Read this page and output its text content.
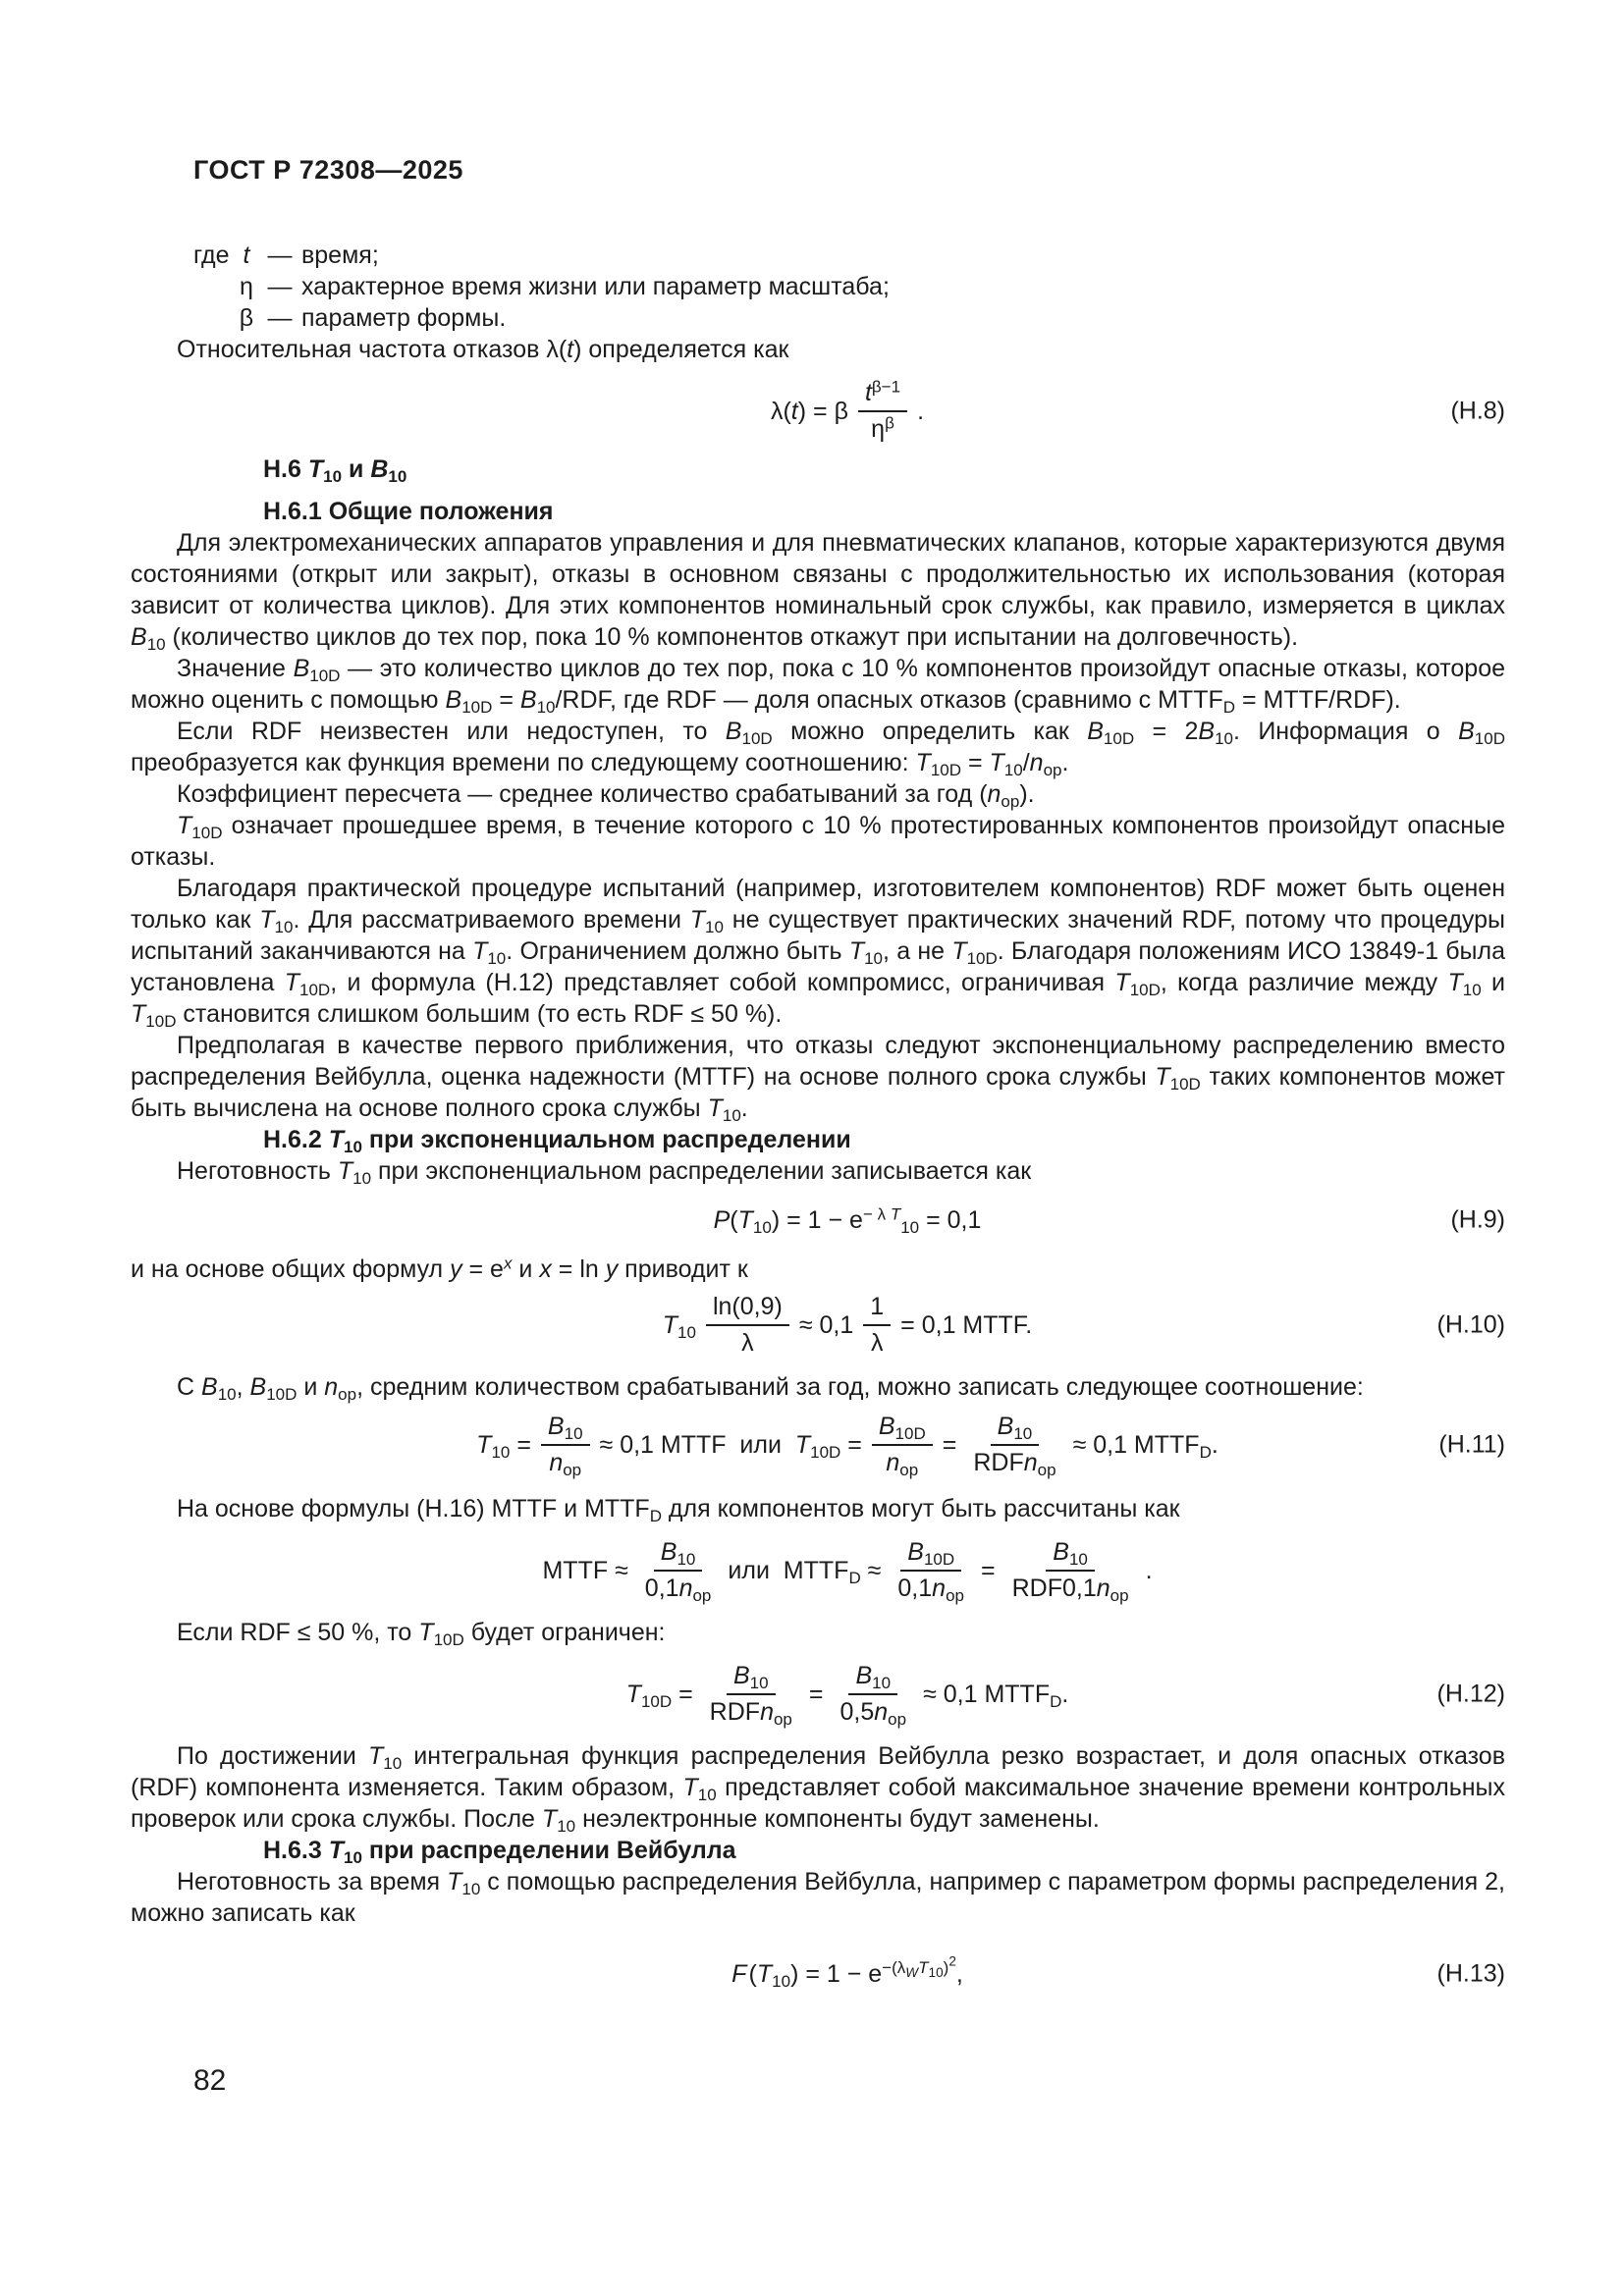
ГОСТ Р 72308—2025
где t — время;
η — характерное время жизни или параметр масштаба;
β — параметр формы.

Относительная частота отказов λ(t) определяется как

λ(t) = β $\frac{t^{\beta-1}}{\eta^\beta}$ .	(Н.8)
Н.6 $Т_{10}$ и $В_{10}$
Н.6.1 Общие положения

Для электромеханических аппаратов управления и для пневматических клапанов, которые характеризуются двумя состояниями (открыт или закрыт), отказы в основном связаны с продолжительностью их использования (которая зависит от количества циклов). Для этих компонентов номинальный срок службы, как правило, измеряется в циклах $B_{10}$ (количество циклов до тех пор, пока 10 % компонентов откажут при испытании на долговечность).

Значение $B_{10D}$ — это количество циклов до тех пор, пока с 10 % компонентов произойдут опасные отказы, которое можно оценить с помощью $B_{10D} = B_{10}/RDF$, где RDF — доля опасных отказов (сравнимо с $MTTF_D$ = MTTF/RDF).

Если RDF неизвестен или недоступен, то $B_{10D}$ можно определить как $B_{10D} = 2B_{10}$. Информация о $B_{10D}$ преобразуется как функция времени по следующему соотношению: $T_{10D} = T_{10}/n_{ор}$.

Коэффициент пересчета — среднее количество срабатываний за год $(n_{ор})$.

$T_{10D}$ означает прошедшее время, в течение которого с 10 % протестированных компонентов произойдут опасные отказы.

Благодаря практической процедуре испытаний (например, изготовителем компонентов) RDF может быть оценен только как $T_{10}$. Для рассматриваемого времени $T_{10}$ не существует практических значений RDF, потому что процедуры испытаний заканчиваются на $T_{10}$. Ограничением должно быть $T_{10}$, а не $T_{10D}$. Благодаря положениям ИСО 13849-1 была установлена $T_{10D}$, и формула (Н.12) представляет собой компромисс, ограничивая $T_{10D}$, когда различие между $T_{10}$ и $T_{10D}$ становится слишком большим (то есть RDF ≤ 50 %).

Предполагая в качестве первого приближения, что отказы следуют экспоненциальному распределению вместо распределения Вейбулла, оценка надежности (MTTF) на основе полного срока службы $T_{10D}$ таких компонентов может быть вычислена на основе полного срока службы $T_{10}$.

Н.6.2 $Т_{10}$ при экспоненциальном распределении

Неготовность $T_{10}$ при экспоненциальном распределении записывается как

$P(T_{10}) = 1 - e^{- \lambda T}_{10} = 0,1$	(Н.9)

и на основе общих формул $y = e^x$ и x = ln y приводит к

$T_{10} \frac{\ln(0,9)}{\lambda} \approx 0,1 \frac{1}{\lambda} = 0,1$ MTTF.	(Н.10)

С $B_{10}$, $B_{10D}$ и $n_{ор}$, средним количеством срабатываний за год, можно записать следующее соотношение:

$T_{10} = \frac{B_{10}}{n_{ор}} \approx 0,1$ MTTF  или  $T_{10D} = \frac{B_{10D}}{n_{ор}} = \frac{B_{10}}{RDFn_{ор}} \approx 0,1$ $MTTF_D$.	(Н.11)

На основе формулы (Н.16) MTTF и $MTTF_D$ для компонентов могут быть рассчитаны как

MTTF ≈ $\frac{B_{10}}{0,1n_{ор}}$ или  $MTTF_D \approx \frac{B_{10D}}{0,1n_{ор}} = \frac{B_{10}}{RDF0,1n_{ор}}$ .

Если RDF ≤ 50 %, то $T_{10D}$ будет ограничен:

$T_{10D} = \frac{B_{10}}{RDFn_{ор}} = \frac{B_{10}}{0,5n_{ор}} \approx 0,1$ $MTTF_D$.	(Н.12)

По достижении $T_{10}$ интегральная функция распределения Вейбулла резко возрастает, и доля опасных отказов (RDF) компонента изменяется. Таким образом, $T_{10}$ представляет собой максимальное значение времени контрольных проверок или срока службы. После $T_{10}$ неэлектронные компоненты будут заменены.

Н.6.3 $Т_{10}$ при распределении Вейбулла

Неготовность за время $T_{10}$ с помощью распределения Вейбулла, например с параметром формы распределения 2, можно записать как

F $(T_{10}) = 1 - e^{-(\lambda_WT_{10})^2}$,	(Н.13)
82
